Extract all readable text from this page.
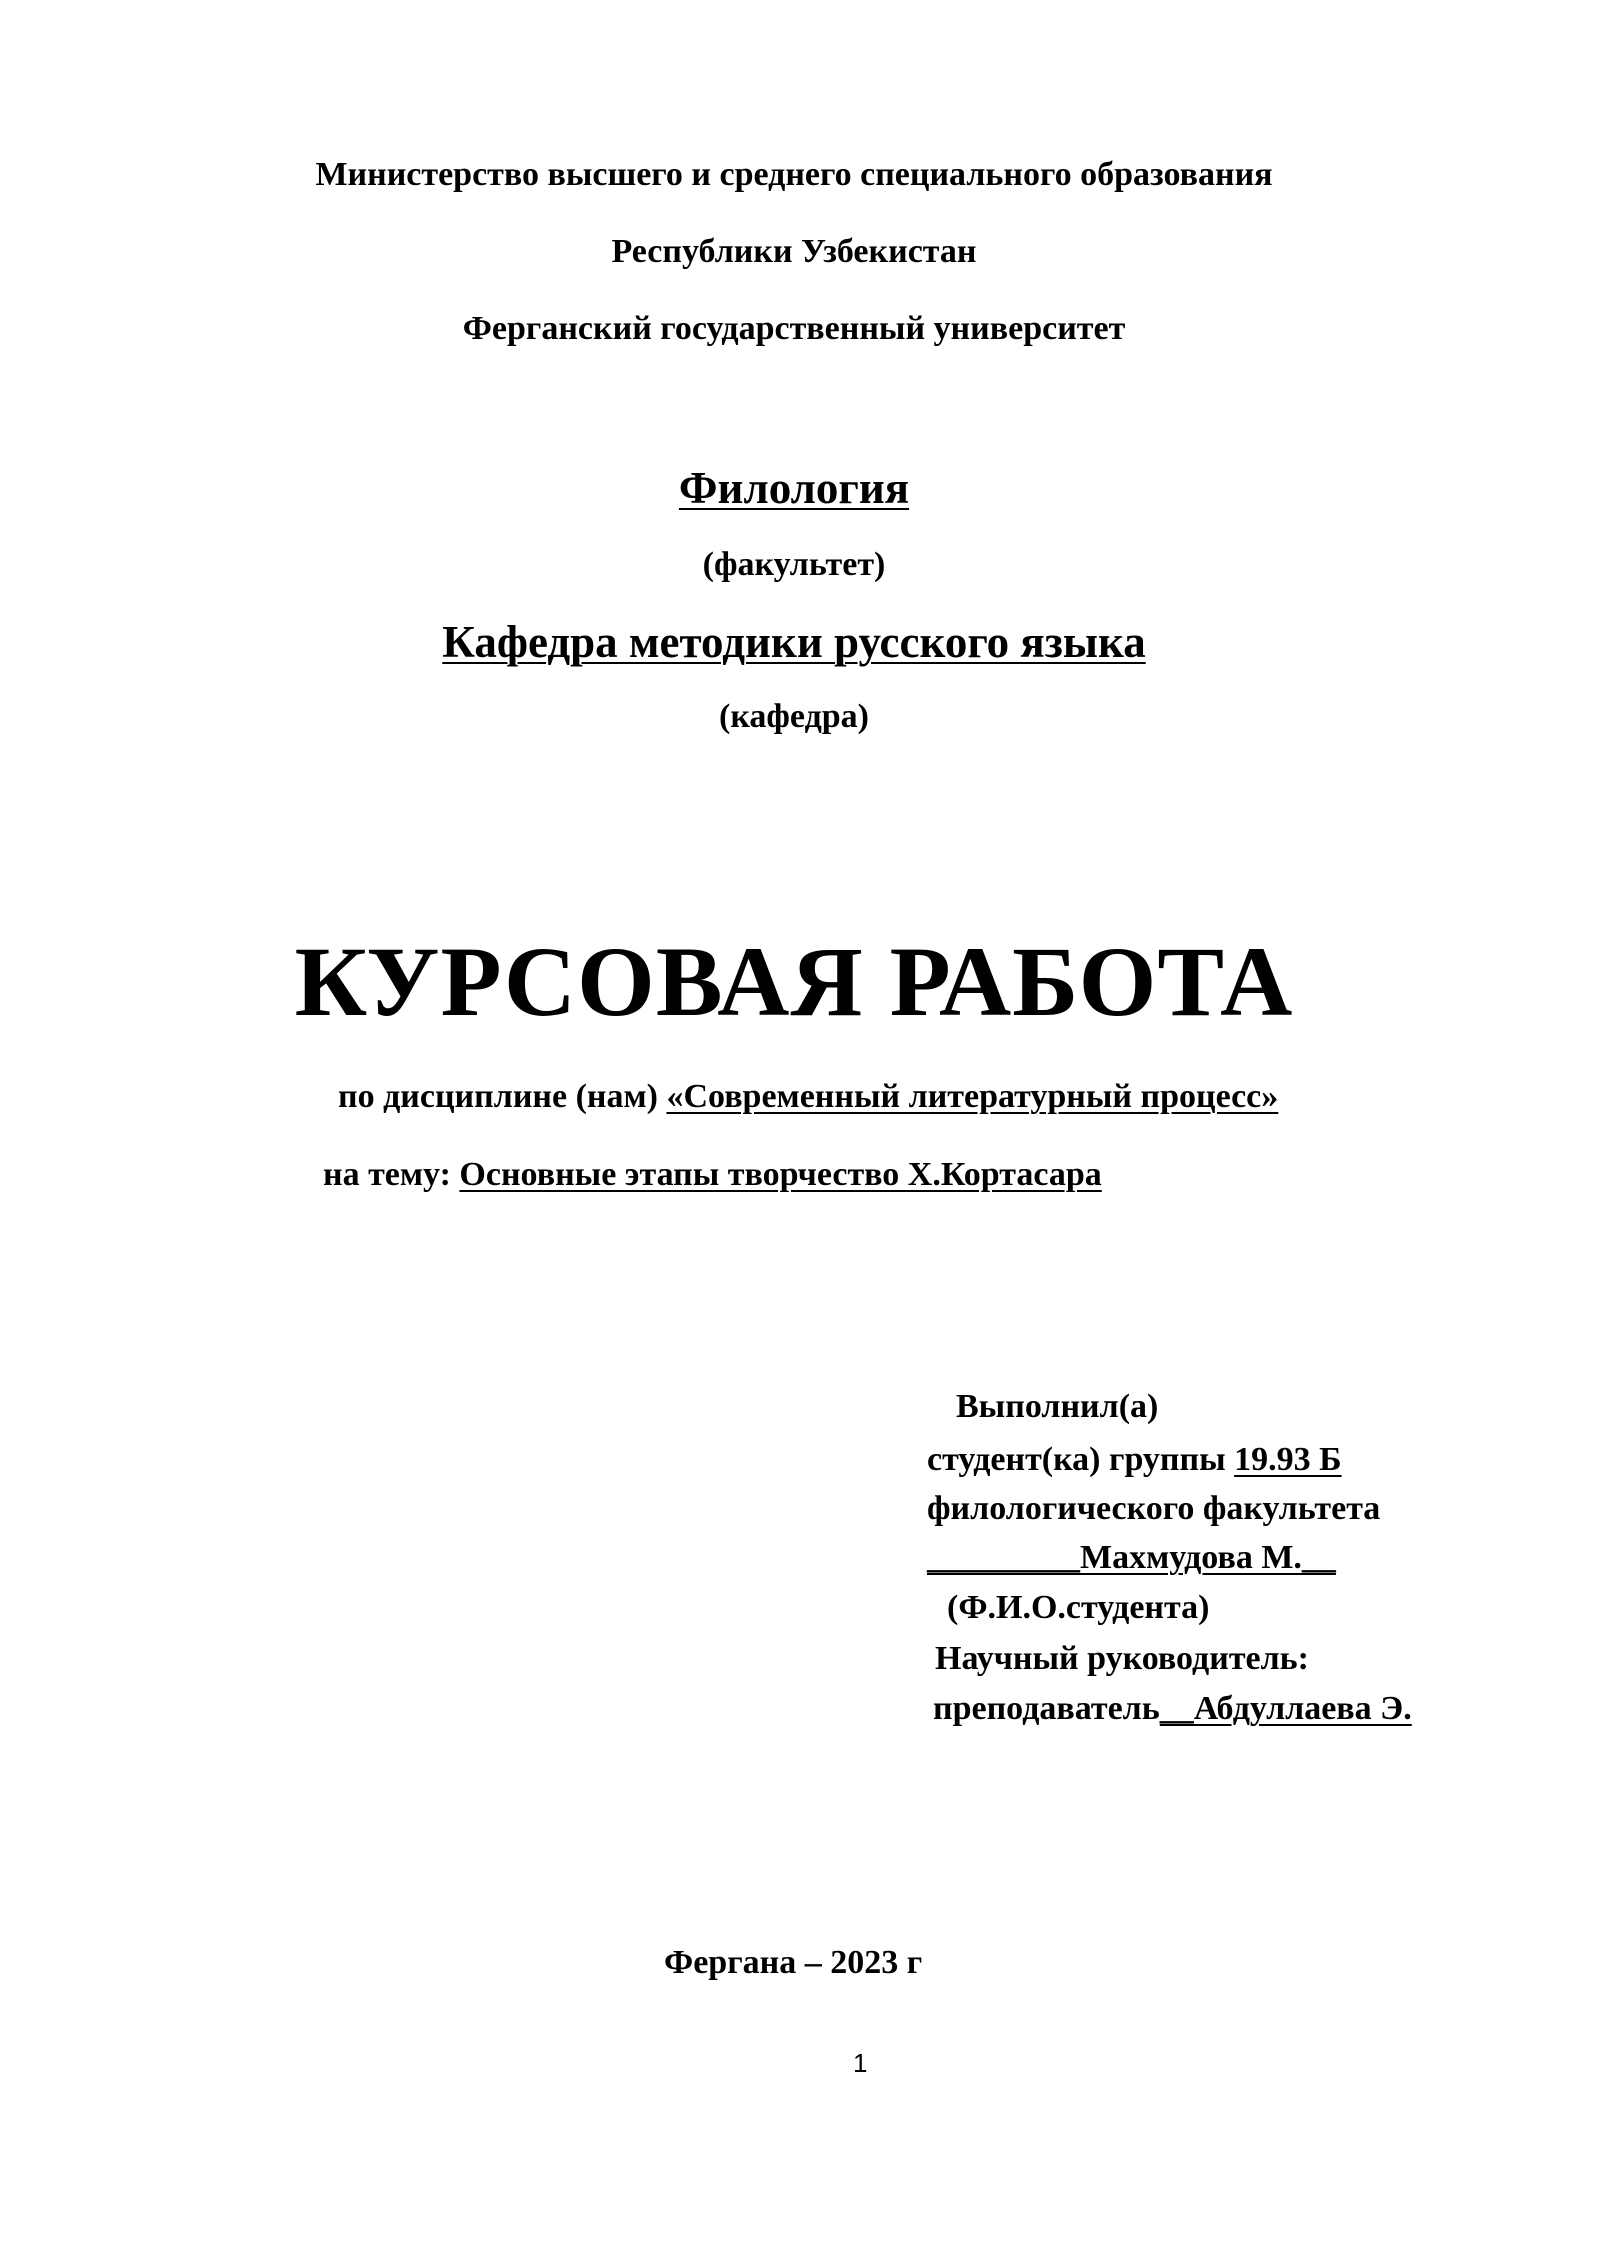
Министерство высшего и среднего специального образования
Республики Узбекистан
Ферганский государственный университет
Филология
(факультет)
Кафедра методики русского языка
(кафедра)
КУРСОВАЯ РАБОТА
по дисциплине (нам) «Современный литературный процесс»
на тему: Основные этапы творчество Х.Кортасара
Выполнил(а)
студент(ка) группы 19.93 Б
филологического факультета
_________Махмудова М.__
(Ф.И.О.студента)
Научный руководитель:
преподаватель__Абдуллаева Э.
Фергана – 2023 г
1
